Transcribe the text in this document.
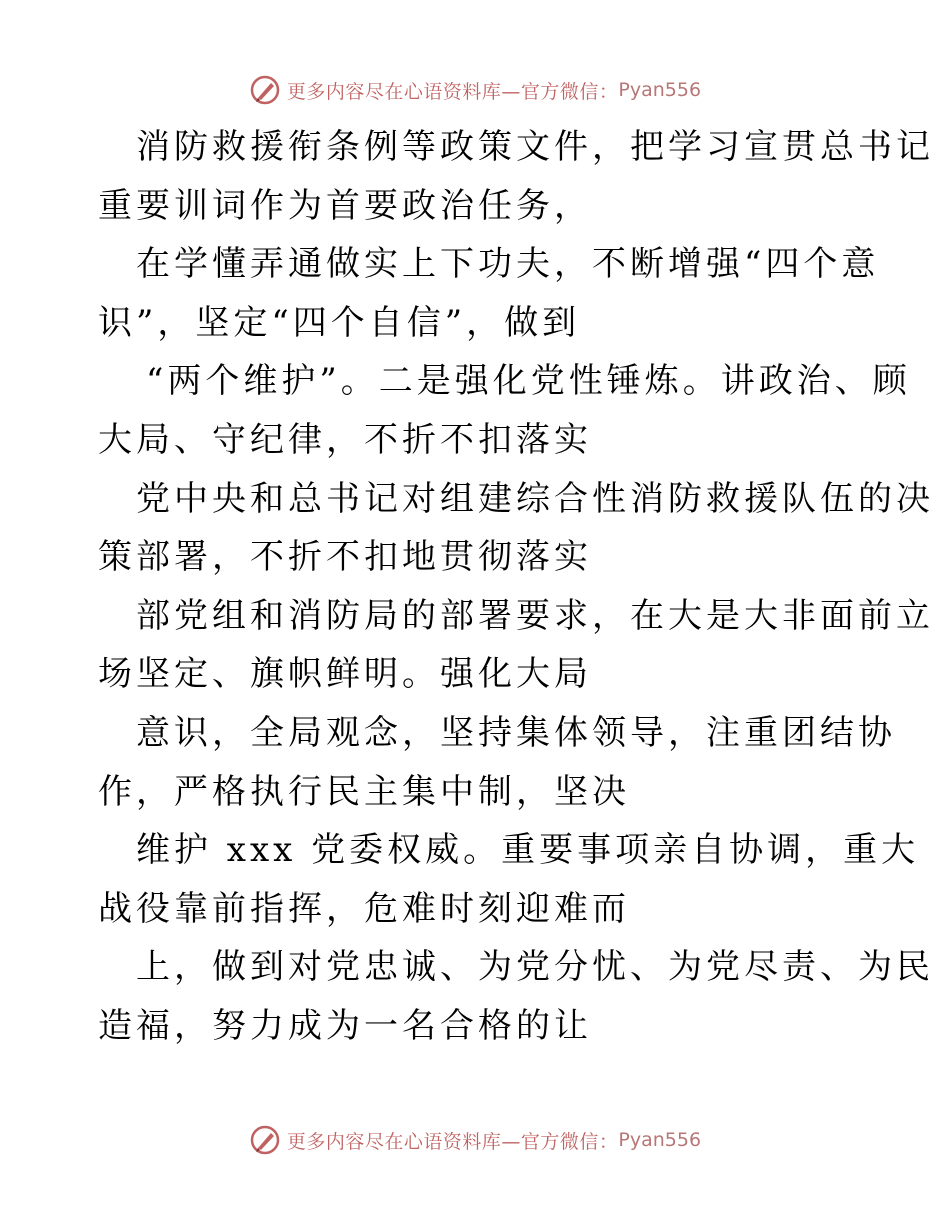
更多内容尽在心语资料库—官方微信： Pyan556
消防救援衔条例等政策文件，把学习宣贯总书记
重要训词作为首要政治任务，
在学懂弄通做实上下功夫，不断增强“四个意
识”，坚定“四个自信”，做到
“两个维护”。二是强化党性锤炼。讲政治、顾
大局、守纪律，不折不扣落实
党中央和总书记对组建综合性消防救援队伍的决
策部署，不折不扣地贯彻落实
部党组和消防局的部署要求，在大是大非面前立
场坚定、旗帜鲜明。强化大局
意识，全局观念，坚持集体领导，注重团结协
作，严格执行民主集中制，坚决
维护 xxx 党委权威。重要事项亲自协调，重大
战役靠前指挥，危难时刻迎难而
上，做到对党忠诚、为党分忧、为党尽责、为民
造福，努力成为一名合格的让
更多内容尽在心语资料库—官方微信： Pyan556
